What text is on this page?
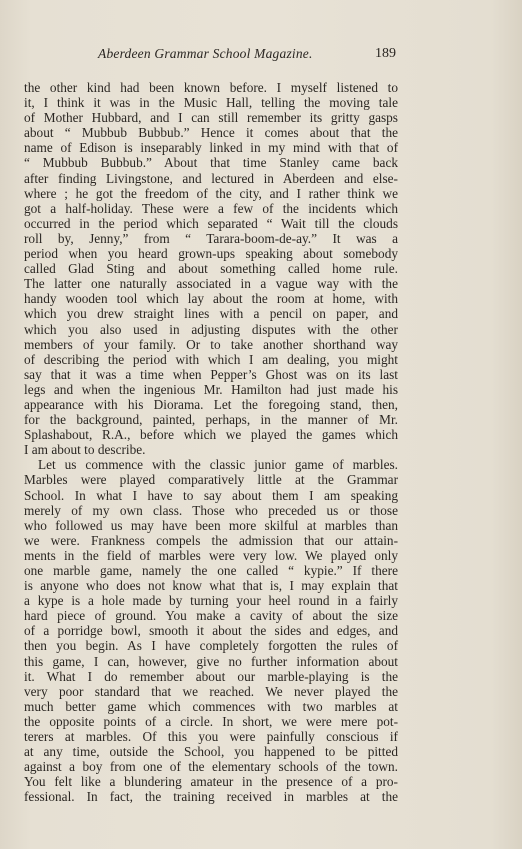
Aberdeen Grammar School Magazine.	189
the other kind had been known before. I myself listened to
it, I think it was in the Music Hall, telling the moving tale
of Mother Hubbard, and I can still remember its gritty gasps
about “ Mubbub Bubbub.” Hence it comes about that the
name of Edison is inseparably linked in my mind with that of
“ Mubbub Bubbub.” About that time Stanley came back
after finding Livingstone, and lectured in Aberdeen and else-
where ; he got the freedom of the city, and I rather think we
got a half-holiday. These were a few of the incidents which
occurred in the period which separated “ Wait till the clouds
roll by, Jenny,” from “ Tarara-boom-de-ay.” It was a
period when you heard grown-ups speaking about somebody
called Glad Sting and about something called home rule.
The latter one naturally associated in a vague way with the
handy wooden tool which lay about the room at home, with
which you drew straight lines with a pencil on paper, and
which you also used in adjusting disputes with the other
members of your family. Or to take another shorthand way
of describing the period with which I am dealing, you might
say that it was a time when Pepper’s Ghost was on its last
legs and when the ingenious Mr. Hamilton had just made his
appearance with his Diorama. Let the foregoing stand, then,
for the background, painted, perhaps, in the manner of Mr.
Splashabout, R.A., before which we played the games which
I am about to describe.
Let us commence with the classic junior game of marbles.
Marbles were played comparatively little at the Grammar
School. In what I have to say about them I am speaking
merely of my own class. Those who preceded us or those
who followed us may have been more skilful at marbles than
we were. Frankness compels the admission that our attain-
ments in the field of marbles were very low. We played only
one marble game, namely the one called “ kypie.” If there
is anyone who does not know what that is, I may explain that
a kype is a hole made by turning your heel round in a fairly
hard piece of ground. You make a cavity of about the size
of a porridge bowl, smooth it about the sides and edges, and
then you begin. As I have completely forgotten the rules of
this game, I can, however, give no further information about
it. What I do remember about our marble-playing is the
very poor standard that we reached. We never played the
much better game which commences with two marbles at
the opposite points of a circle. In short, we were mere pot-
terers at marbles. Of this you were painfully conscious if
at any time, outside the School, you happened to be pitted
against a boy from one of the elementary schools of the town.
You felt like a blundering amateur in the presence of a pro-
fessional. In fact, the training received in marbles at the
